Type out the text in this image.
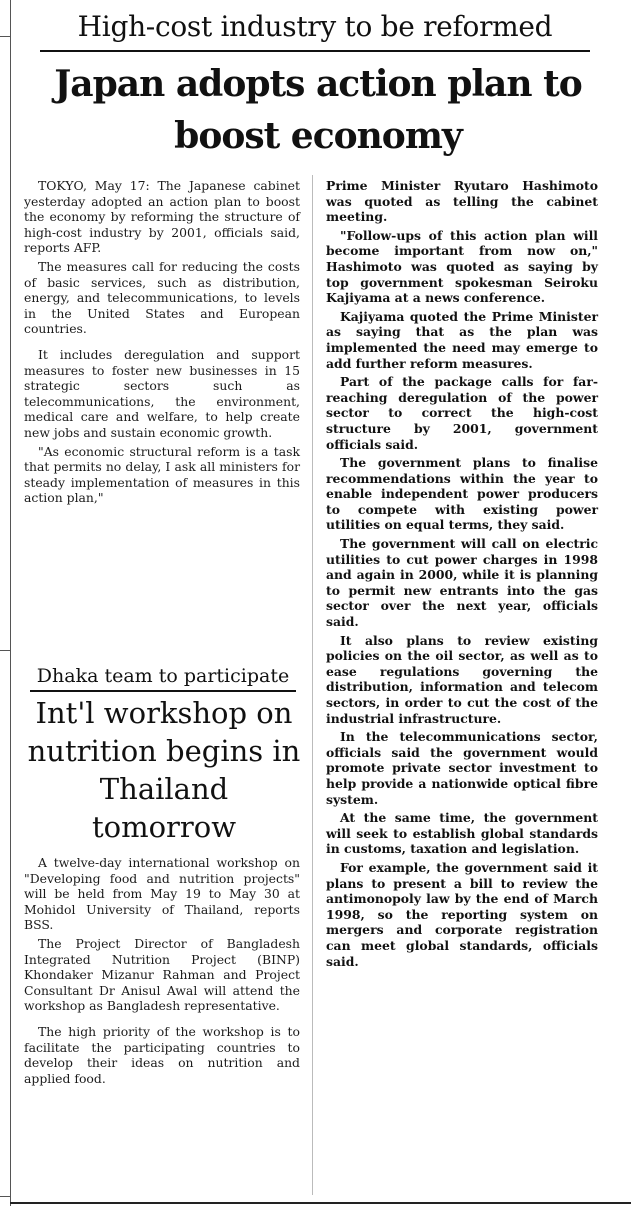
High-cost industry to be reformed
Japan adopts action plan to boost economy

TOKYO, May 17: The Japanese cabinet yesterday adopted an action plan to boost the economy by reforming the structure of high-cost industry by 2001, officials said, reports AFP.

The measures call for reducing the costs of basic services, such as distribution, energy, and telecommunications, to levels in the United States and European countries.

It includes deregulation and support measures to foster new businesses in 15 strategic sectors such as telecommunications, the environment, medical care and welfare, to help create new jobs and sustain economic growth.

"As economic structural reform is a task that permits no delay, I ask all ministers for steady implementation of measures in this action plan,"

Prime Minister Ryutaro Hashimoto was quoted as telling the cabinet meeting.

"Follow-ups of this action plan will become important from now on," Hashimoto was quoted as saying by top government spokesman Seiroku Kajiyama at a news conference.

Kajiyama quoted the Prime Minister as saying that as the plan was implemented the need may emerge to add further reform measures.

Part of the package calls for far-reaching deregulation of the power sector to correct the high-cost structure by 2001, government officials said.

The government plans to finalise recommendations within the year to enable independent power producers to compete with existing power utilities on equal terms, they said.

The government will call on electric utilities to cut power charges in 1998 and again in 2000, while it is planning to permit new entrants into the gas sector over the next year, officials said.

It also plans to review existing policies on the oil sector, as well as to ease regulations governing the distribution, information and telecom sectors, in order to cut the cost of the industrial infrastructure.

In the telecommunications sector, officials said the government would promote private sector investment to help provide a nationwide optical fibre system.

At the same time, the government will seek to establish global standards in customs, taxation and legislation.

For example, the government said it plans to present a bill to review the antimonopoly law by the end of March 1998, so the reporting system on mergers and corporate registration can meet global standards, officials said.

Dhaka team to participate
Int'l workshop on nutrition begins in Thailand tomorrow

A twelve-day international workshop on "Developing food and nutrition projects" will be held from May 19 to May 30 at Mohidol University of Thailand, reports BSS.

The Project Director of Bangladesh Integrated Nutrition Project (BINP) Khondaker Mizanur Rahman and Project Consultant Dr Anisul Awal will attend the workshop as Bangladesh representative.

The high priority of the workshop is to facilitate the participating countries to develop their ideas on nutrition and applied food.
